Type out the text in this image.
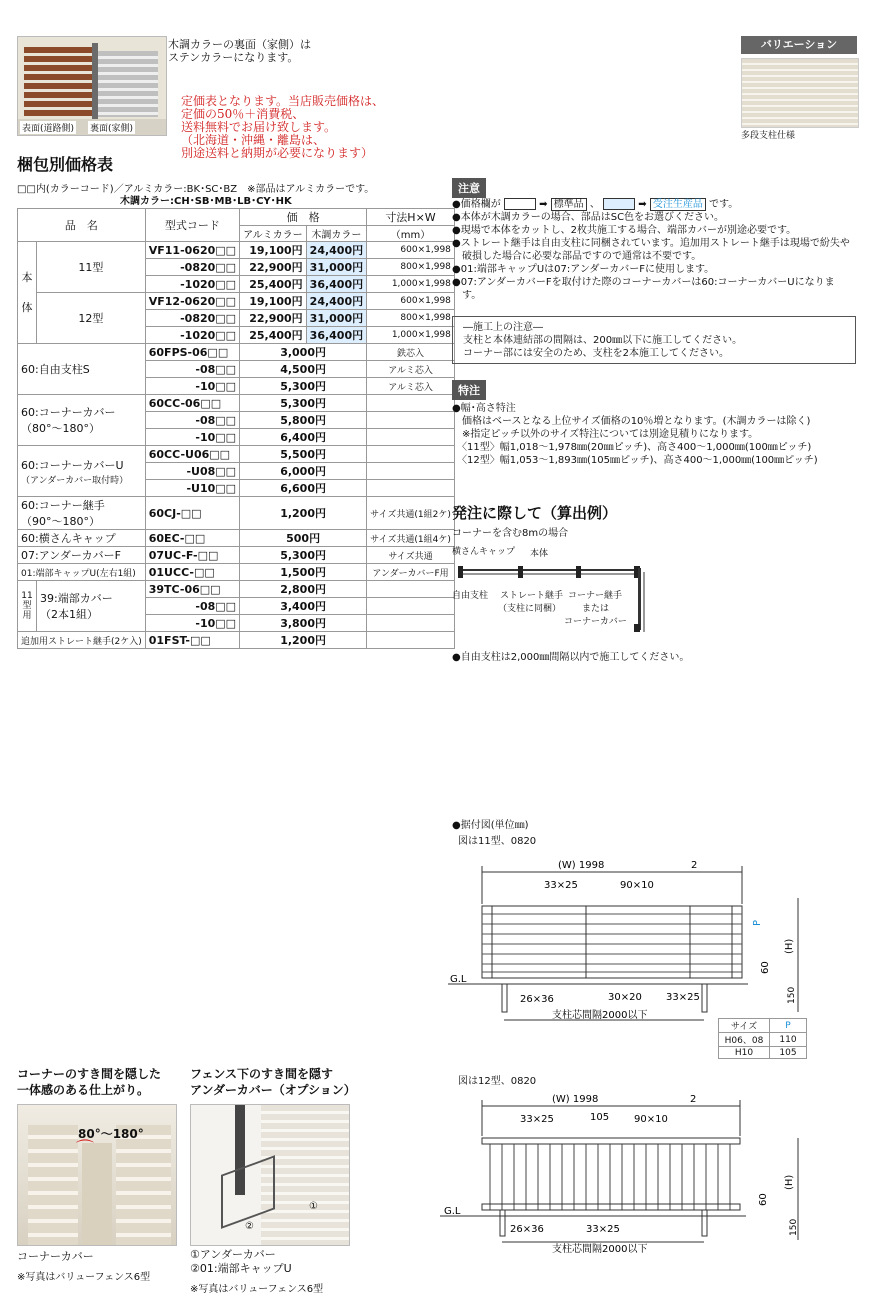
表面(道路側) 裏面(家側)
木調カラーの裏面（家側）は
ステンカラーになります。
定価表となります。当店販売価格は、
定価の50％＋消費税、
送料無料でお届け致します。
（北海道・沖縄・離島は、
別途送料と納期が必要になります）
バリエーション
多段支柱仕様
梱包別価格表
□□内(カラーコード)／アルミカラー:BK･SC･BZ　※部品はアルミカラーです。
木調カラー:CH･SB･MB･LB･CY･HK
品　名		型式コード	価　格		寸法H×W
			アルミカラー	木調カラー	（mm）
本
体	11型	VF11-0620□□	19,100円	24,400円	600×1,998
		-0820□□	22,900円	31,000円	800×1,998
		-1020□□	25,400円	36,400円	1,000×1,998
	12型	VF12-0620□□	19,100円	24,400円	600×1,998
		-0820□□	22,900円	31,000円	800×1,998
		-1020□□	25,400円	36,400円	1,000×1,998
60:自由支柱S		60FPS-06□□	3,000円		鉄芯入
		-08□□	4,500円		アルミ芯入
		-10□□	5,300円		アルミ芯入
60:コーナーカバー
（80°～180°）		60CC-06□□	5,300円		
		-08□□	5,800円		
		-10□□	6,400円		
60:コーナーカバーU
（アンダーカバー取付時）		60CC-U06□□	5,500円		
		-U08□□	6,000円		
		-U10□□	6,600円		
60:コーナー継手
（90°～180°）		60CJ-□□	1,200円		サイズ共通(1組2ケ)
60:横さんキャップ		60EC-□□	500円		サイズ共通(1組4ケ)
07:アンダーカバーF		07UC-F-□□	5,300円		サイズ共通
01:端部キャップU(左右1組)		01UCC-□□	1,500円		アンダーカバーF用
11型用	39:端部カバー
（2本1組）	39TC-06□□	2,800円		
		-08□□	3,400円		
		-10□□	3,800円		
追加用ストレート継手(2ケ入)		01FST-□□	1,200円		
注意
●価格欄が	➡ 標準品 、	➡ 受注生産品 です。
●本体が木調カラーの場合、部品はSC色をお選びください。
●現場で本体をカットし、2枚共施工する場合、端部カバーが別途必要です。
●ストレート継手は自由支柱に同梱されています。追加用ストレート継手は現場で紛失や
　破損した場合に必要な部品ですので通常は不要です。
●01:端部キャップUは07:アンダーカバーFに使用します。
●07:アンダーカバーFを取付けた際のコーナーカバーは60:コーナーカバーUになりま
　す。
―施工上の注意―
支柱と本体連結部の間隔は、200㎜以下に施工してください。
コーナー部には安全のため、支柱を2本施工してください。
特注
●幅･高さ特注
　価格はベースとなる上位サイズ価格の10％増となります。(木調カラーは除く)
　※指定ピッチ以外のサイズ特注については別途見積りになります。
　〈11型〉幅1,018～1,978㎜(20㎜ピッチ)、高さ400～1,000㎜(100㎜ピッチ)
　〈12型〉幅1,053～1,893㎜(105㎜ピッチ)、高さ400～1,000㎜(100㎜ピッチ)
発注に際して（算出例）
コーナーを含む8mの場合
横さんキャップ 本体
自由支柱 ストレート継手
（支柱に同梱）
コーナー継手
または
コーナーカバー
●自由支柱は2,000㎜間隔以内で施工してください。
●据付図(単位㎜)
図は11型、0820
(W) 1998	2
33×25	90×10
P
(H)
60
150
G.L
26×36	30×20 33×25
支柱芯間隔2000以下
サイズ	P
H06、08	110
H10	105
図は12型、0820
(W) 1998	2
33×25	105 90×10
(H)
60
150
G.L
26×36	33×25
支柱芯間隔2000以下
コーナーのすき間を隠した
一体感のある仕上がり。
80°～180°
⌒
コーナーカバー
※写真はバリューフェンス6型
フェンス下のすき間を隠す
アンダーカバー（オプション）
①
②
①アンダーカバー
②01:端部キャップU
※写真はバリューフェンス6型
